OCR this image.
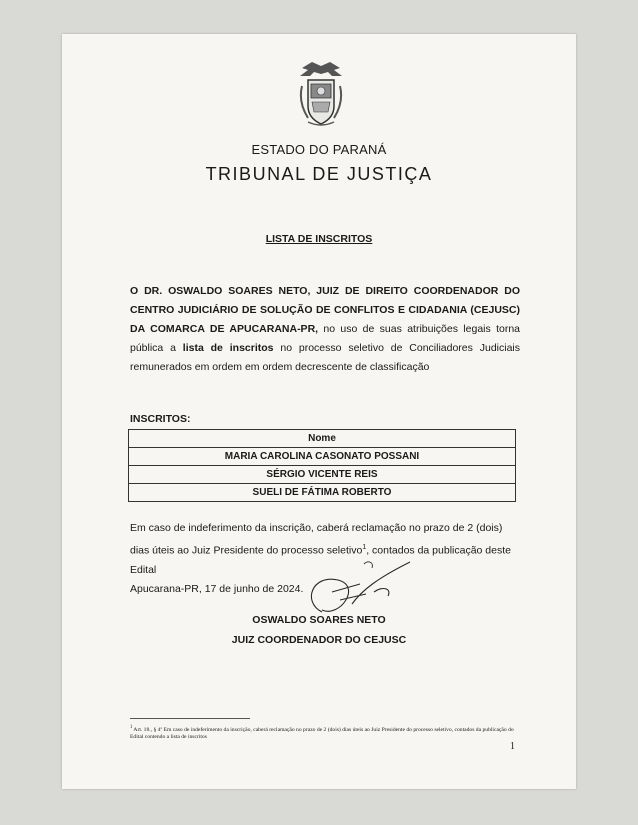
ESTADO DO PARANÁ
TRIBUNAL DE JUSTIÇA
LISTA DE INSCRITOS
O DR. OSWALDO SOARES NETO, JUIZ DE DIREITO COORDENADOR DO CENTRO JUDICIÁRIO DE SOLUÇÃO DE CONFLITOS E CIDADANIA (CEJUSC) DA COMARCA DE APUCARANA-PR, no uso de suas atribuições legais torna pública a lista de inscritos no processo seletivo de Conciliadores Judiciais remunerados em ordem em ordem decrescente de classificação
INSCRITOS:
Nome
MARIA CAROLINA CASONATO POSSANI
SÉRGIO VICENTE REIS
SUELI DE FÁTIMA ROBERTO
Em caso de indeferimento da inscrição, caberá reclamação no prazo de 2 (dois) dias úteis ao Juiz Presidente do processo seletivo$^1$, contados da publicação deste Edital
Apucarana-PR, 17 de junho de 2024.
OSWALDO SOARES NETO
JUIZ COORDENADOR DO CEJUSC
$^1$ Art. 18., § 4º Em caso de indeferimento da inscrição, caberá reclamação no prazo de 2 (dois) dias úteis ao Juiz Presidente do processo seletivo, contados da publicação do Edital contendo a lista de inscritos
1
